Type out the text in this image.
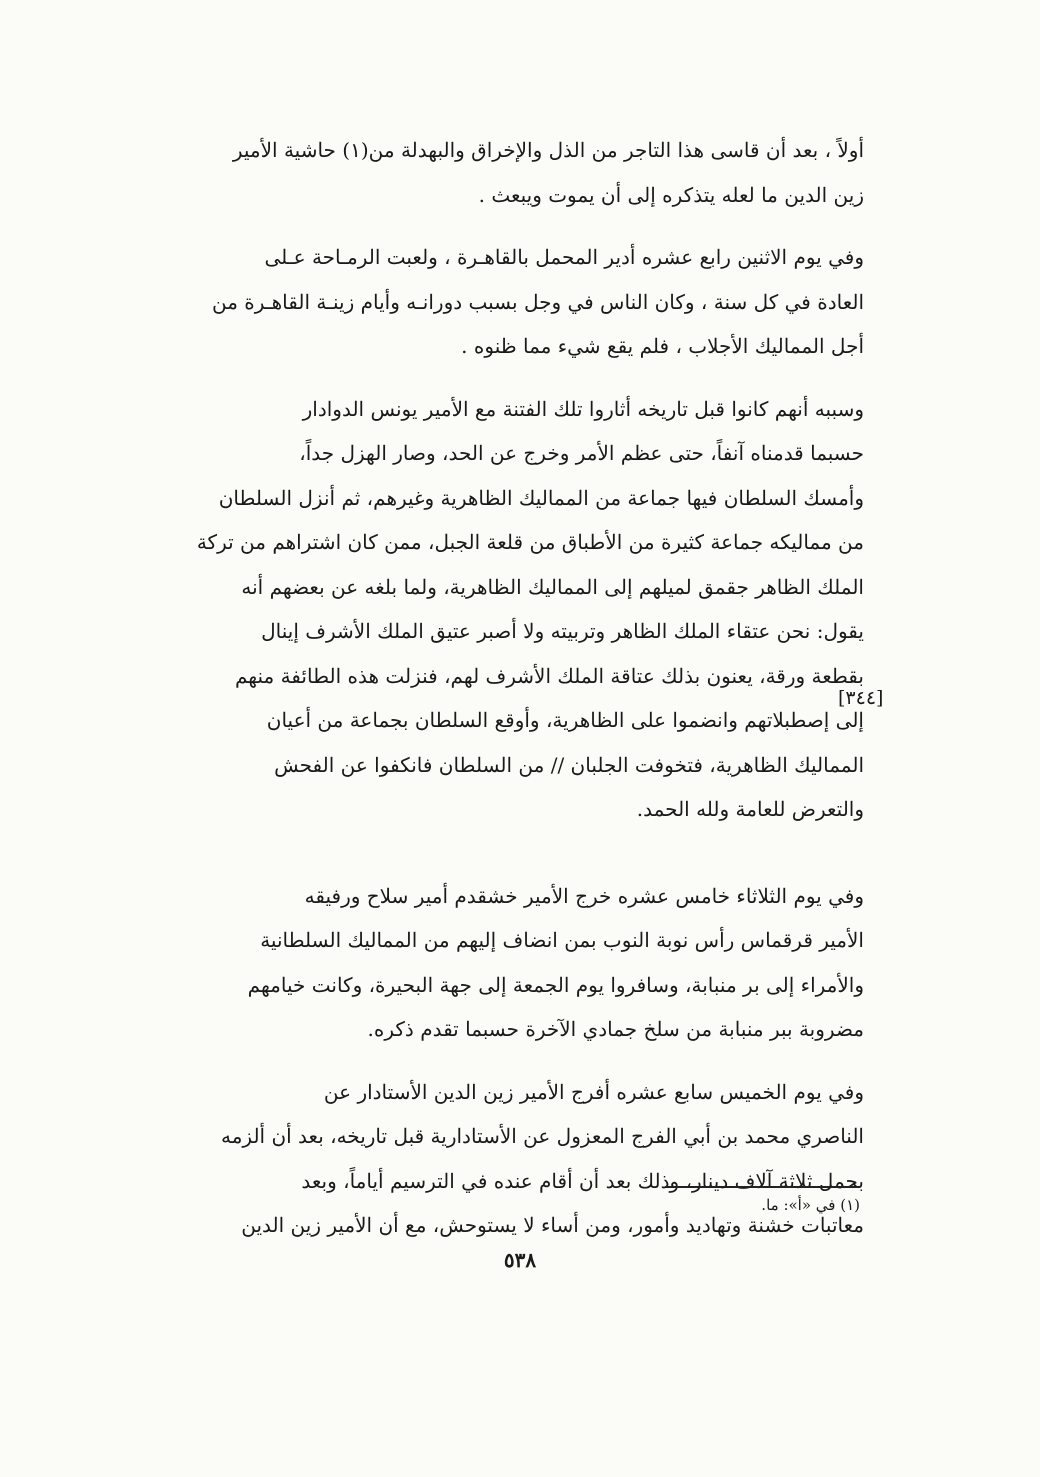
أولاً ، بعد أن قاسى هذا التاجر من الذل والإخراق والبهدلة من(١) حاشية الأمير
زين الدين ما لعله يتذكره إلى أن يموت ويبعث .
وفي يوم الاثنين رابع عشره أدير المحمل بالقاهـرة ، ولعبت الرمـاحة عـلى
العادة في كل سنة ، وكان الناس في وجل بسبب دورانـه وأيام زينـة القاهـرة من
أجل المماليك الأجلاب ، فلم يقع شيء مما ظنوه .
وسببه أنهم كانوا قبل تاريخه أثاروا تلك الفتنة مع الأمير يونس الدوادار
حسبما قدمناه آنفاً، حتى عظم الأمر وخرج عن الحد، وصار الهزل جداً،
وأمسك السلطان فيها جماعة من المماليك الظاهرية وغيرهم، ثم أنزل السلطان
من مماليكه جماعة كثيرة من الأطباق من قلعة الجبل، ممن كان اشتراهم من تركة
الملك الظاهر جقمق لميلهم إلى المماليك الظاهرية، ولما بلغه عن بعضهم أنه
يقول: نحن عتقاء الملك الظاهر وتربيته ولا أصبر عتيق الملك الأشرف إينال
بقطعة ورقة، يعنون بذلك عتاقة الملك الأشرف لهم، فنزلت هذه الطائفة منهم
إلى إصطبلاتهم وانضموا على الظاهرية، وأوقع السلطان بجماعة من أعيان
المماليك الظاهرية، فتخوفت الجلبان // من السلطان فانكفوا عن الفحش
والتعرض للعامة ولله الحمد.
وفي يوم الثلاثاء خامس عشره خرج الأمير خشقدم أمير سلاح ورفيقه
الأمير قرقماس رأس نوبة النوب بمن انضاف إليهم من المماليك السلطانية
والأمراء إلى بر منبابة، وسافروا يوم الجمعة إلى جهة البحيرة، وكانت خيامهم
مضروبة ببر منبابة من سلخ جمادي الآخرة حسبما تقدم ذكره.
وفي يوم الخميس سابع عشره أفرج الأمير زين الدين الأستادار عن
الناصري محمد بن أبي الفرج المعزول عن الأستادارية قبل تاريخه، بعد أن ألزمه
بحمل ثلاثة آلاف دينار، وذلك بعد أن أقام عنده في الترسيم أياماً، وبعد
معاتبات خشنة وتهاديد وأمور، ومن أساء لا يستوحش، مع أن الأمير زين الدين
[٣٤٤]
(١) في «أ»: ما.
٥٣٨
